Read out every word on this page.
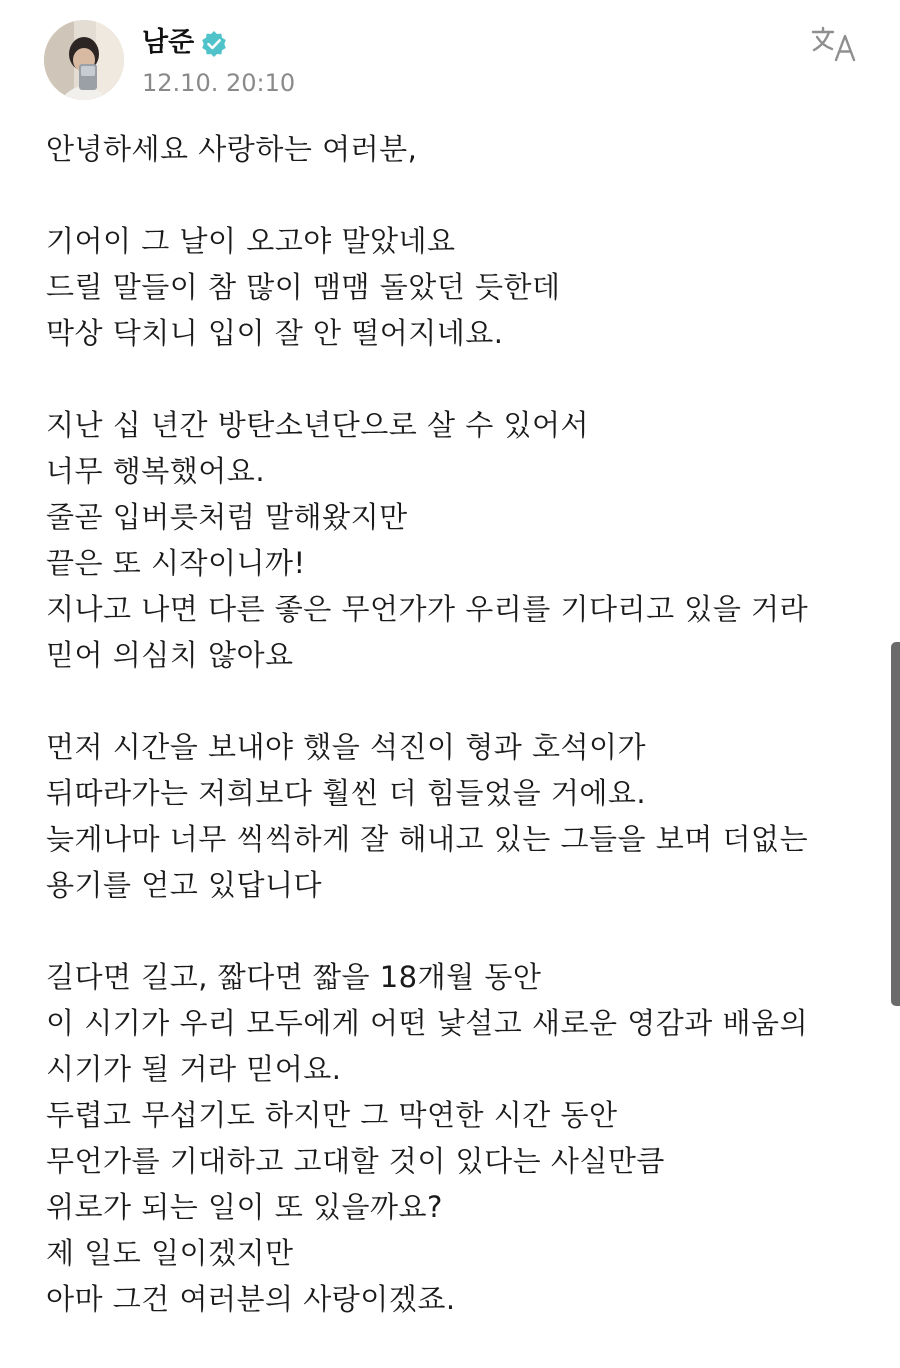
남준
12.10. 20:10
안녕하세요 사랑하는 여러분,
기어이 그 날이 오고야 말았네요
드릴 말들이 참 많이 맴맴 돌았던 듯한데
막상 닥치니 입이 잘 안 떨어지네요.
지난 십 년간 방탄소년단으로 살 수 있어서
너무 행복했어요.
줄곧 입버릇처럼 말해왔지만
끝은 또 시작이니까!
지나고 나면 다른 좋은 무언가가 우리를 기다리고 있을 거라
믿어 의심치 않아요
먼저 시간을 보내야 했을 석진이 형과 호석이가
뒤따라가는 저희보다 훨씬 더 힘들었을 거에요.
늦게나마 너무 씩씩하게 잘 해내고 있는 그들을 보며 더없는
용기를 얻고 있답니다
길다면 길고, 짧다면 짧을 18개월 동안
이 시기가 우리 모두에게 어떤 낯설고 새로운 영감과 배움의
시기가 될 거라 믿어요.
두렵고 무섭기도 하지만 그 막연한 시간 동안
무언가를 기대하고 고대할 것이 있다는 사실만큼
위로가 되는 일이 또 있을까요?
제 일도 일이겠지만
아마 그건 여러분의 사랑이겠죠.
